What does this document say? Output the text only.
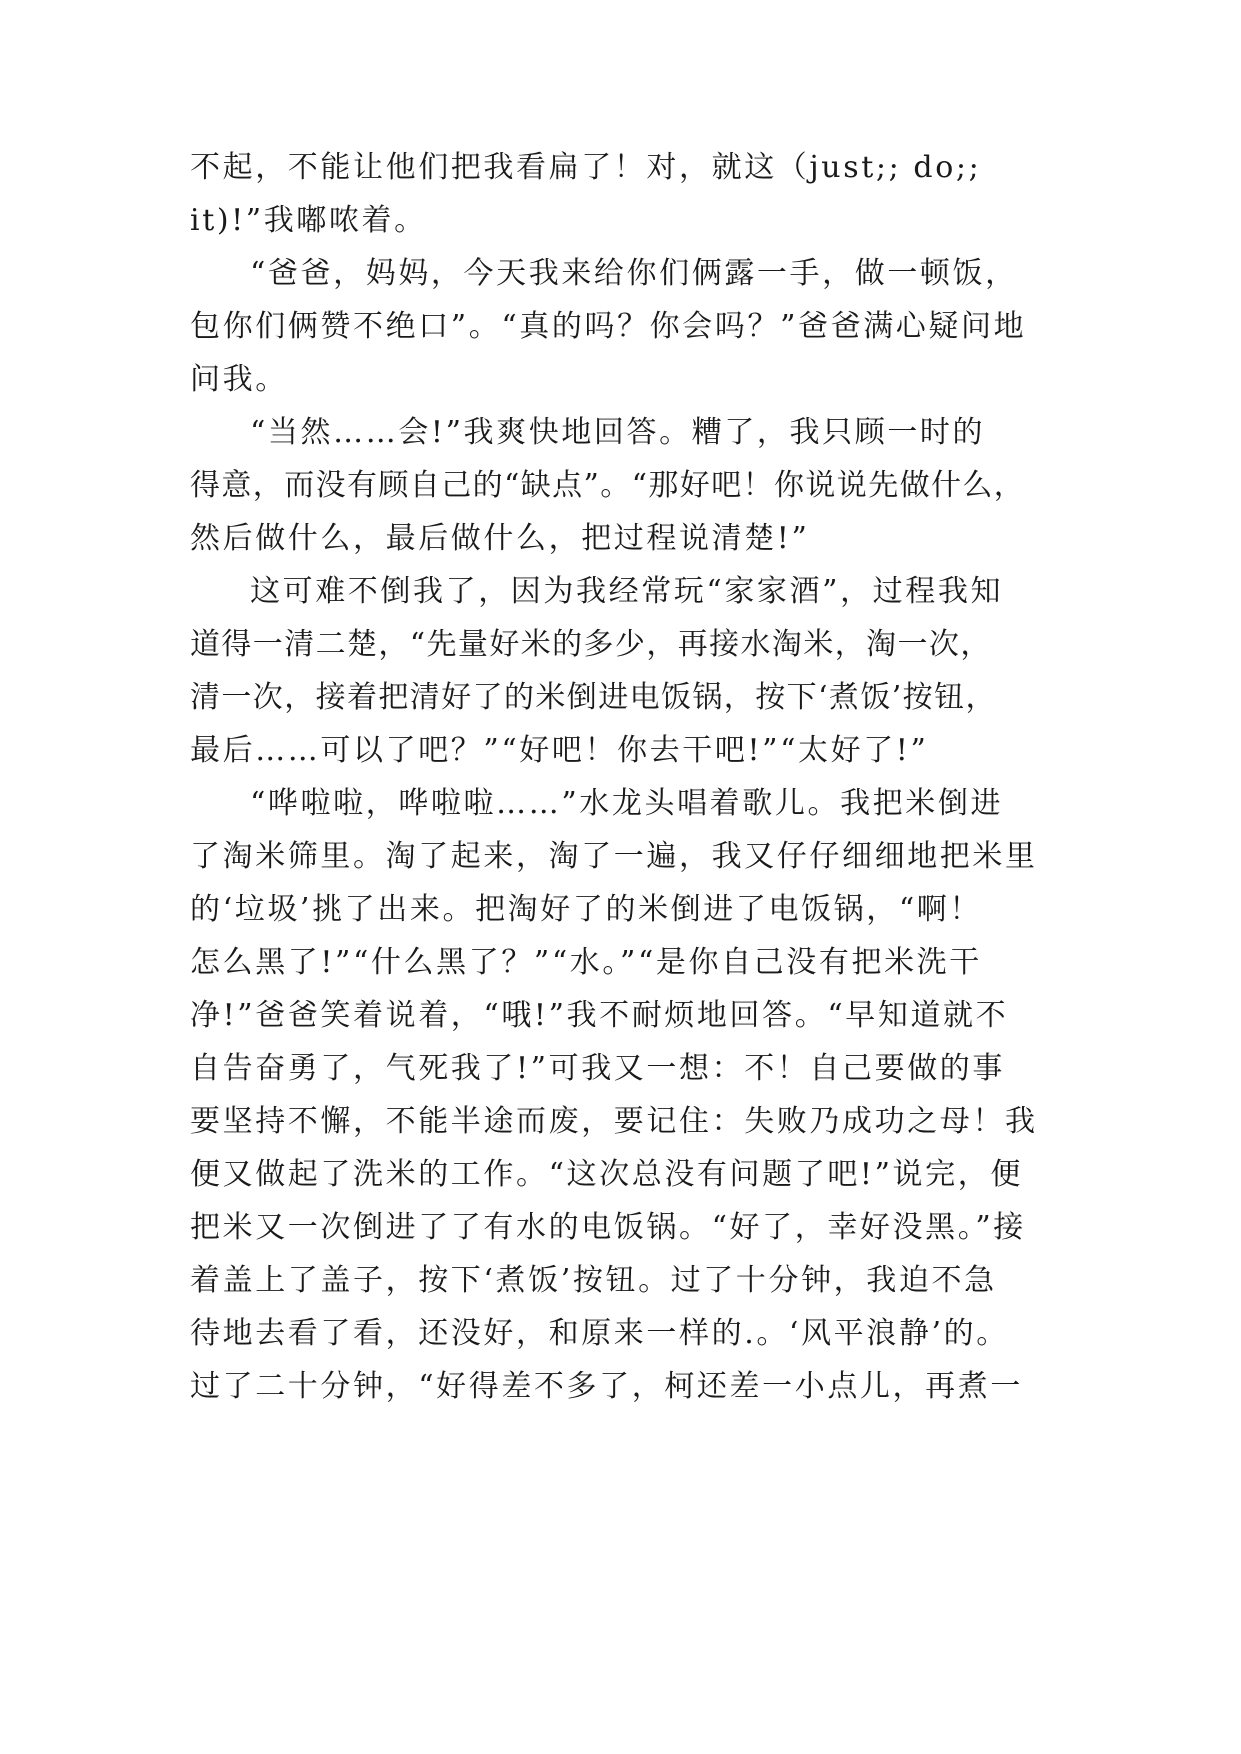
不起，不能让他们把我看扁了！对，就这（just;; do;;
it)!”我嘟哝着。
“爸爸，妈妈，今天我来给你们俩露一手，做一顿饭，
包你们俩赞不绝口”。“真的吗？你会吗？”爸爸满心疑问地
问我。
“当然……会!”我爽快地回答。糟了，我只顾一时的
得意，而没有顾自己的“缺点”。“那好吧！你说说先做什么，
然后做什么，最后做什么，把过程说清楚!”
这可难不倒我了，因为我经常玩“家家酒”，过程我知
道得一清二楚，“先量好米的多少，再接水淘米，淘一次，
清一次，接着把清好了的米倒进电饭锅，按下‘煮饭’按钮，
最后……可以了吧？”“好吧！你去干吧!”“太好了!”
“哗啦啦，哗啦啦……”水龙头唱着歌儿。我把米倒进
了淘米筛里。淘了起来，淘了一遍，我又仔仔细细地把米里
的‘垃圾’挑了出来。把淘好了的米倒进了电饭锅，“啊！
怎么黑了!”“什么黑了？”“水。”“是你自己没有把米洗干
净!”爸爸笑着说着，“哦!”我不耐烦地回答。“早知道就不
自告奋勇了，气死我了!”可我又一想：不！自己要做的事
要坚持不懈，不能半途而废，要记住：失败乃成功之母！我
便又做起了洗米的工作。“这次总没有问题了吧!”说完，便
把米又一次倒进了了有水的电饭锅。“好了，幸好没黑。”接
着盖上了盖子，按下‘煮饭’按钮。过了十分钟，我迫不急
待地去看了看，还没好，和原来一样的.。‘风平浪静’的。
过了二十分钟，“好得差不多了，柯还差一小点儿，再煮一
